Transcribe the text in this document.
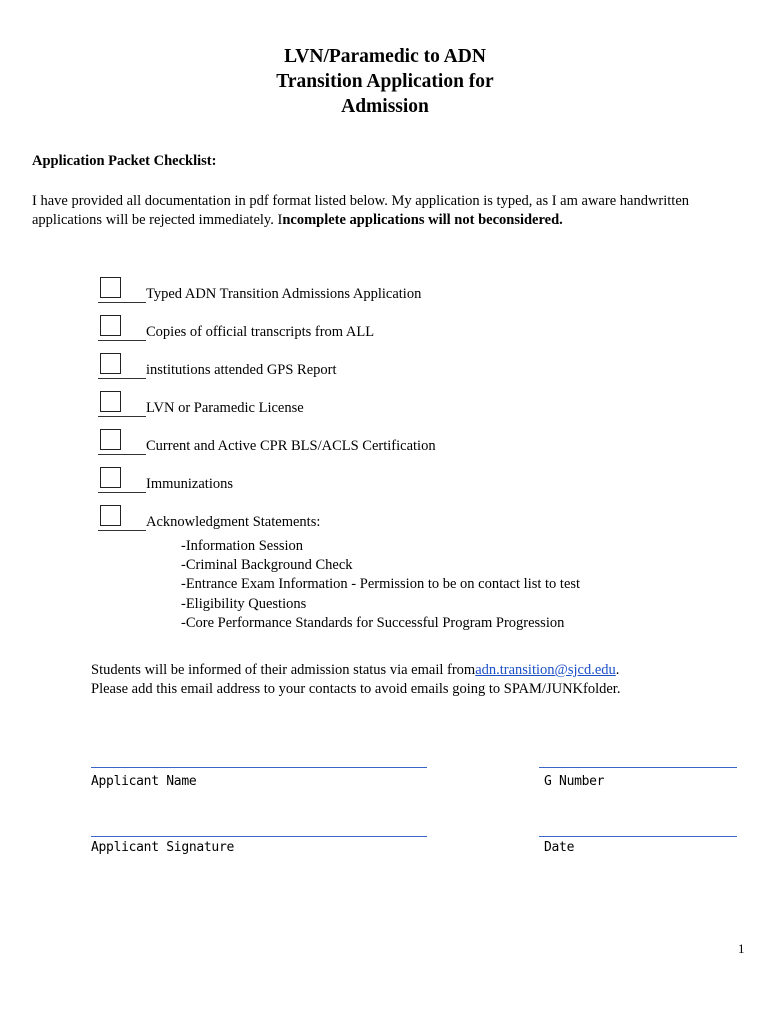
LVN/Paramedic to ADN
Transition Application for
Admission
Application Packet Checklist:
I have provided all documentation in pdf format listed below. My application is typed, as I am aware handwritten applications will be rejected immediately. Incomplete applications will not beconsidered.
Typed ADN Transition Admissions Application
Copies of official transcripts from ALL
institutions attended GPS Report
LVN or Paramedic License
Current and Active CPR BLS/ACLS Certification
Immunizations
Acknowledgment Statements:
-Information Session
-Criminal Background Check
-Entrance Exam Information - Permission to be on contact list to test
-Eligibility Questions
-Core Performance Standards for Successful Program Progression
Students will be informed of their admission status via email fromadn.transition@sjcd.edu.
Please add this email address to your contacts to avoid emails going to SPAM/JUNKfolder.
Applicant Name	G Number
Applicant Signature	Date
1
